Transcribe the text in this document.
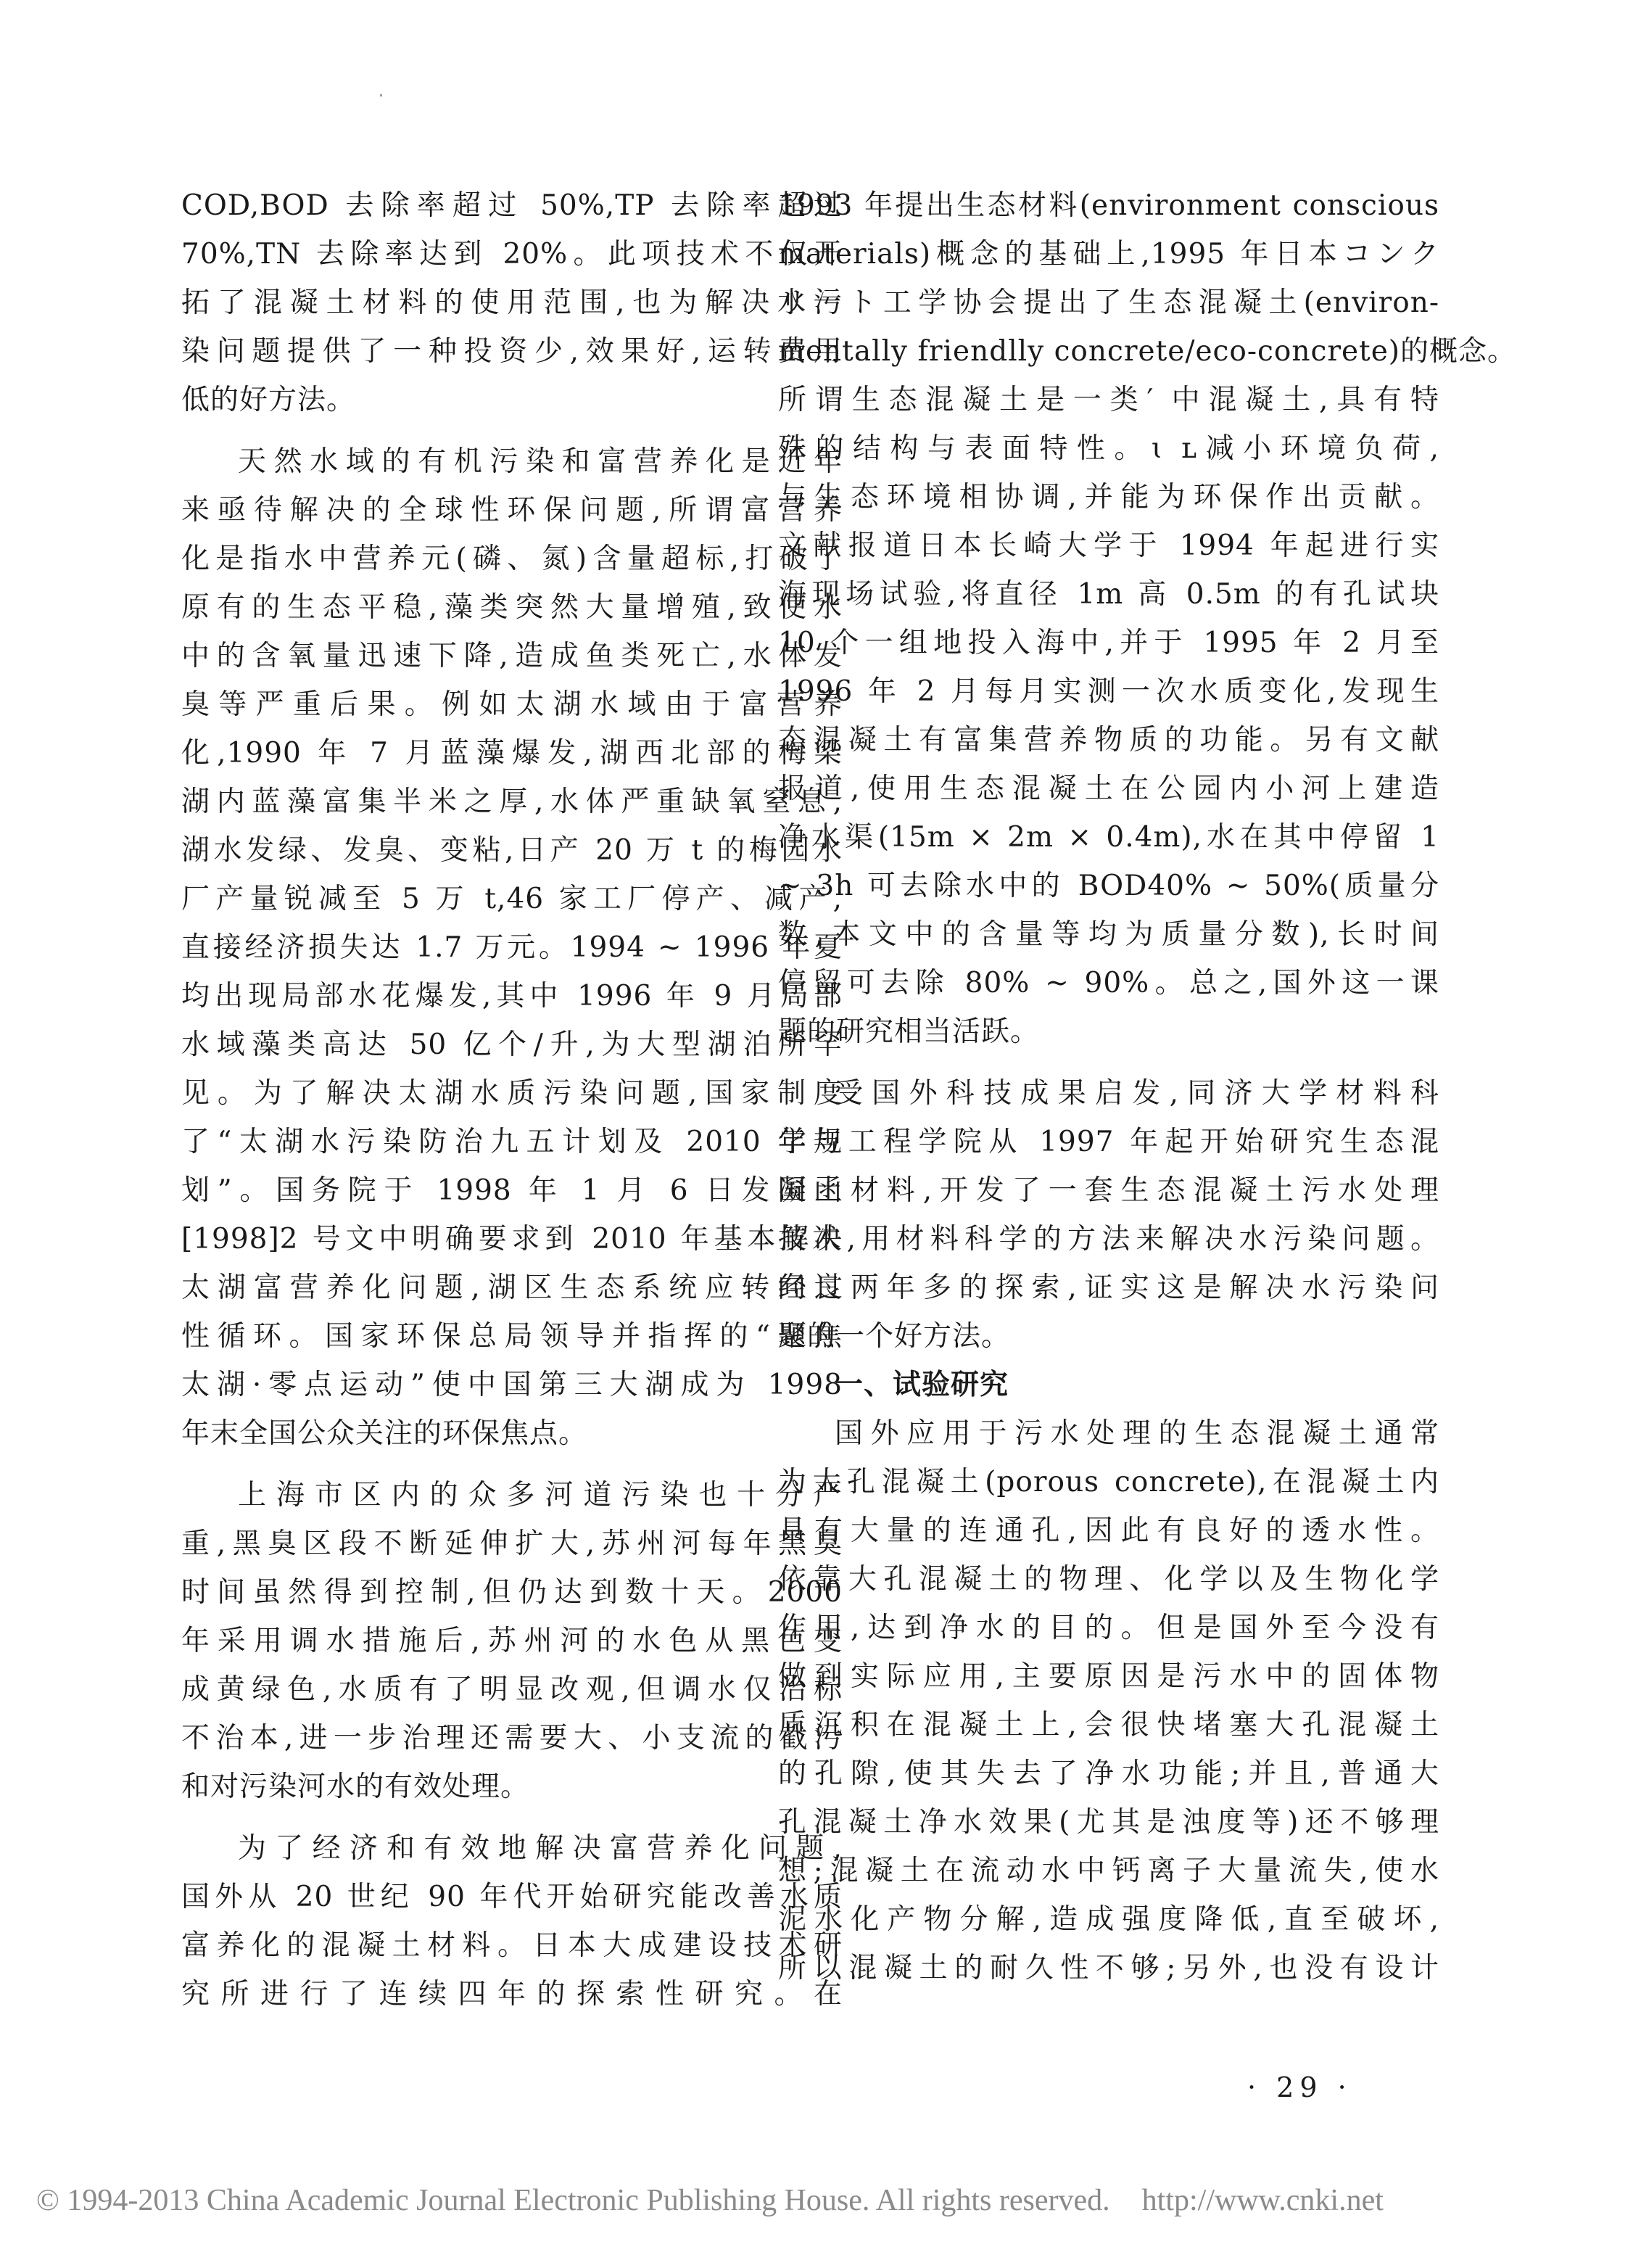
COD,BOD 去除率超过 50%,TP 去除率超过
70%,TN 去除率达到 20%。此项技术不仅开
拓了混凝土材料的使用范围,也为解决水污
染问题提供了一种投资少,效果好,运转费用
低的好方法。
天然水域的有机污染和富营养化是近年
来亟待解决的全球性环保问题,所谓富营养
化是指水中营养元(磷、氮)含量超标,打破了
原有的生态平稳,藻类突然大量增殖,致使水
中的含氧量迅速下降,造成鱼类死亡,水体发
臭等严重后果。例如太湖水域由于富营养
化,1990 年 7 月蓝藻爆发,湖西北部的梅梁
湖内蓝藻富集半米之厚,水体严重缺氧窒息,
湖水发绿、发臭、变粘,日产 20 万 t 的梅园水
厂产量锐减至 5 万 t,46 家工厂停产、减产,
直接经济损失达 1.7 万元。1994 ~ 1996 年夏
均出现局部水花爆发,其中 1996 年 9 月局部
水域藻类高达 50 亿个/升,为大型湖泊所罕
见。为了解决太湖水质污染问题,国家制度
了“太湖水污染防治九五计划及 2010 年规
划”。国务院于 1998 年 1 月 6 日发国函
[1998]2 号文中明确要求到 2010 年基本解决
太湖富营养化问题,湖区生态系统应转向良
性循环。国家环保总局领导并指挥的“聚焦
太湖·零点运动”使中国第三大湖成为 1998
年末全国公众关注的环保焦点。
上海市区内的众多河道污染也十分严
重,黑臭区段不断延伸扩大,苏州河每年黑臭
时间虽然得到控制,但仍达到数十天。2000
年采用调水措施后,苏州河的水色从黑色变
成黄绿色,水质有了明显改观,但调水仅治标
不治本,进一步治理还需要大、小支流的截污
和对污染河水的有效处理。
为了经济和有效地解决富营养化问题,
国外从 20 世纪 90 年代开始研究能改善水质
富养化的混凝土材料。日本大成建设技术研
究所进行了连续四年的探索性研究。在
1993 年提出生态材料(environment conscious
materials)概念的基础上,1995 年日本コンク
リ一ト工学协会提出了生态混凝土(environ-
mentally friendlly concrete/eco-concrete)的概念。
所谓生态混凝土是一类′ 中混凝土,具有特
殊的结构与表面特性。ɩ ʟ减小环境负荷,
与生态环境相协调,并能为环保作出贡献。
文献报道日本长崎大学于 1994 年起进行实
海现场试验,将直径 1m 高 0.5m 的有孔试块
10 个一组地投入海中,并于 1995 年 2 月至
1996 年 2 月每月实测一次水质变化,发现生
态混凝土有富集营养物质的功能。另有文献
报道,使用生态混凝土在公园内小河上建造
净水渠(15m × 2m × 0.4m),水在其中停留 1
~ 3h 可去除水中的 BOD40% ~ 50%(质量分
数,本文中的含量等均为质量分数),长时间
停留可去除 80% ~ 90%。总之,国外这一课
题的研究相当活跃。
受国外科技成果启发,同济大学材料科
学与工程学院从 1997 年起开始研究生态混
凝土材料,开发了一套生态混凝土污水处理
技术,用材料科学的方法来解决水污染问题。
经过两年多的探索,证实这是解决水污染问
题的一个好方法。
一、试验研究
国外应用于污水处理的生态混凝土通常
为大孔混凝土(porous concrete),在混凝土内
具有大量的连通孔,因此有良好的透水性。
依靠大孔混凝土的物理、化学以及生物化学
作用,达到净水的目的。但是国外至今没有
做到实际应用,主要原因是污水中的固体物
质沉积在混凝土上,会很快堵塞大孔混凝土
的孔隙,使其失去了净水功能;并且,普通大
孔混凝土净水效果(尤其是浊度等)还不够理
想;混凝土在流动水中钙离子大量流失,使水
泥水化产物分解,造成强度降低,直至破坏,
所以混凝土的耐久性不够;另外,也没有设计
· 29 ·
© 1994-2013 China Academic Journal Electronic Publishing House. All rights reserved. http://www.cnki.net
